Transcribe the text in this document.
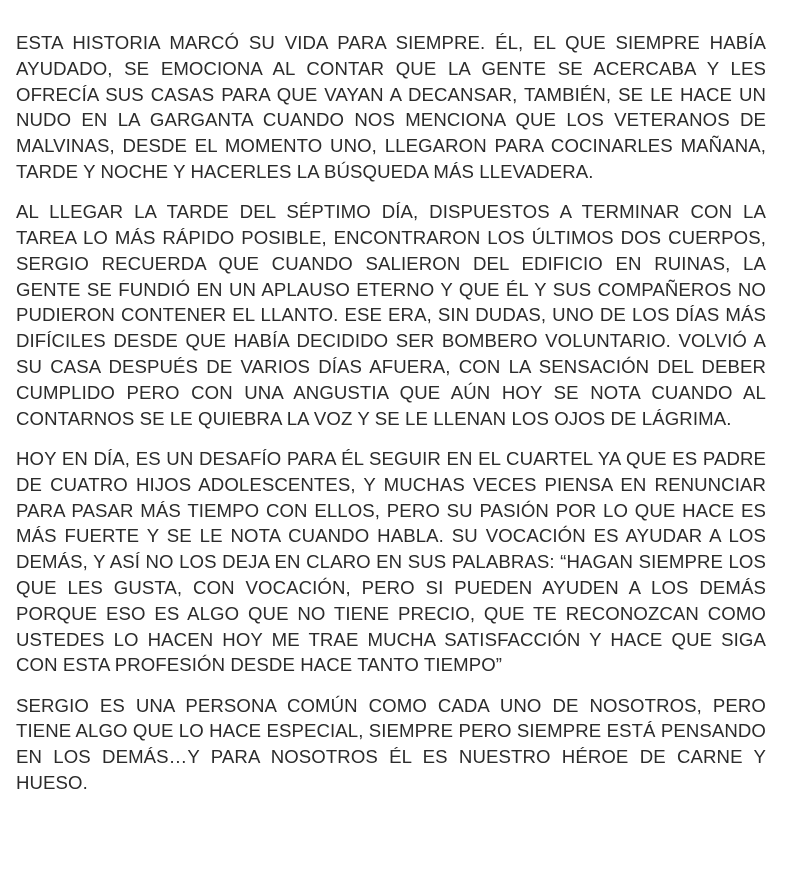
ESTA HISTORIA MARCÓ SU VIDA PARA SIEMPRE. ÉL, EL QUE SIEMPRE HABÍA AYUDADO, SE EMOCIONA AL CONTAR QUE LA GENTE SE ACERCABA Y LES OFRECÍA SUS CASAS PARA QUE VAYAN A DECANSAR, TAMBIÉN, SE LE HACE UN NUDO EN LA GARGANTA CUANDO NOS MENCIONA QUE LOS VETERANOS DE MALVINAS, DESDE EL MOMENTO UNO, LLEGARON PARA COCINARLES MAÑANA, TARDE Y NOCHE Y HACERLES LA BÚSQUEDA MÁS LLEVADERA.

AL LLEGAR LA TARDE DEL SÉPTIMO DÍA, DISPUESTOS A TERMINAR CON LA TAREA LO MÁS RÁPIDO POSIBLE, ENCONTRARON LOS ÚLTIMOS DOS CUERPOS, SERGIO RECUERDA QUE CUANDO SALIERON DEL EDIFICIO EN RUINAS, LA GENTE SE FUNDIÓ EN UN APLAUSO ETERNO Y QUE ÉL Y SUS COMPAÑEROS NO PUDIERON CONTENER EL LLANTO. ESE ERA, SIN DUDAS, UNO DE LOS DÍAS MÁS DIFÍCILES DESDE QUE HABÍA DECIDIDO SER BOMBERO VOLUNTARIO. VOLVIÓ A SU CASA DESPUÉS DE VARIOS DÍAS AFUERA, CON LA SENSACIÓN DEL DEBER CUMPLIDO PERO CON UNA ANGUSTIA QUE AÚN HOY SE NOTA CUANDO AL CONTARNOS SE LE QUIEBRA LA VOZ Y SE LE LLENAN LOS OJOS DE LÁGRIMA.

HOY EN DÍA, ES UN DESAFÍO PARA ÉL SEGUIR EN EL CUARTEL YA QUE ES PADRE DE CUATRO HIJOS ADOLESCENTES, Y MUCHAS VECES PIENSA EN RENUNCIAR PARA PASAR MÁS TIEMPO CON ELLOS, PERO SU PASIÓN POR LO QUE HACE ES MÁS FUERTE Y SE LE NOTA CUANDO HABLA. SU VOCACIÓN ES AYUDAR A LOS DEMÁS, Y ASÍ NO LOS DEJA EN CLARO EN SUS PALABRAS: “HAGAN SIEMPRE LOS QUE LES GUSTA, CON VOCACIÓN, PERO SI PUEDEN AYUDEN A LOS DEMÁS PORQUE ESO ES ALGO QUE NO TIENE PRECIO, QUE TE RECONOZCAN COMO USTEDES LO HACEN HOY ME TRAE MUCHA SATISFACCIÓN Y HACE QUE SIGA CON ESTA PROFESIÓN DESDE HACE TANTO TIEMPO”

SERGIO ES UNA PERSONA COMÚN COMO CADA UNO DE NOSOTROS, PERO TIENE ALGO QUE LO HACE ESPECIAL, SIEMPRE PERO SIEMPRE ESTÁ PENSANDO EN LOS DEMÁS…Y PARA NOSOTROS ÉL ES NUESTRO HÉROE DE CARNE Y HUESO.
